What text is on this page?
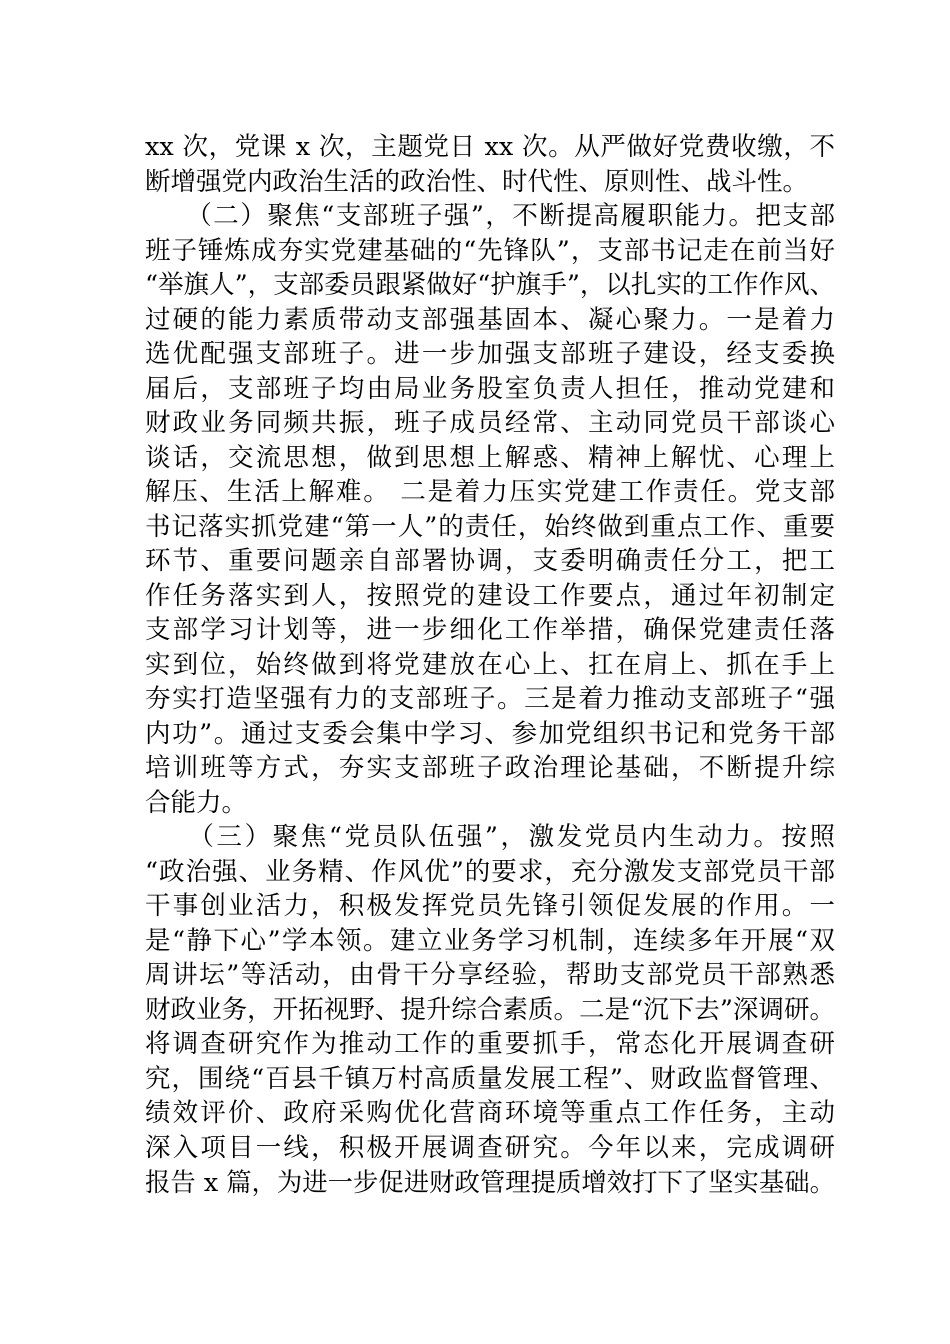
xx 次，党课 x 次，主题党日 xx 次。从严做好党费收缴，不
断增强党内政治生活的政治性、时代性、原则性、战斗性。
　　（二）聚焦“支部班子强”，不断提高履职能力。把支部
班子锤炼成夯实党建基础的“先锋队”，支部书记走在前当好
“举旗人”，支部委员跟紧做好“护旗手”，以扎实的工作作风、
过硬的能力素质带动支部强基固本、凝心聚力。一是着力
选优配强支部班子。进一步加强支部班子建设，经支委换
届后，支部班子均由局业务股室负责人担任，推动党建和
财政业务同频共振，班子成员经常、主动同党员干部谈心
谈话，交流思想，做到思想上解惑、精神上解忧、心理上
解压、生活上解难。 二是着力压实党建工作责任。党支部
书记落实抓党建“第一人”的责任，始终做到重点工作、重要
环节、重要问题亲自部署协调，支委明确责任分工，把工
作任务落实到人，按照党的建设工作要点，通过年初制定
支部学习计划等，进一步细化工作举措，确保党建责任落
实到位，始终做到将党建放在心上、扛在肩上、抓在手上
夯实打造坚强有力的支部班子。三是着力推动支部班子“强
内功”。通过支委会集中学习、参加党组织书记和党务干部
培训班等方式，夯实支部班子政治理论基础，不断提升综
合能力。
　　（三）聚焦“党员队伍强”，激发党员内生动力。按照
“政治强、业务精、作风优”的要求，充分激发支部党员干部
干事创业活力，积极发挥党员先锋引领促发展的作用。一
是“静下心”学本领。建立业务学习机制，连续多年开展“双
周讲坛”等活动，由骨干分享经验，帮助支部党员干部熟悉
财政业务，开拓视野、提升综合素质。二是“沉下去”深调研。
将调查研究作为推动工作的重要抓手，常态化开展调查研
究，围绕“百县千镇万村高质量发展工程”、财政监督管理、
绩效评价、政府采购优化营商环境等重点工作任务，主动
深入项目一线，积极开展调查研究。今年以来，完成调研
报告 x 篇，为进一步促进财政管理提质增效打下了坚实基础。
